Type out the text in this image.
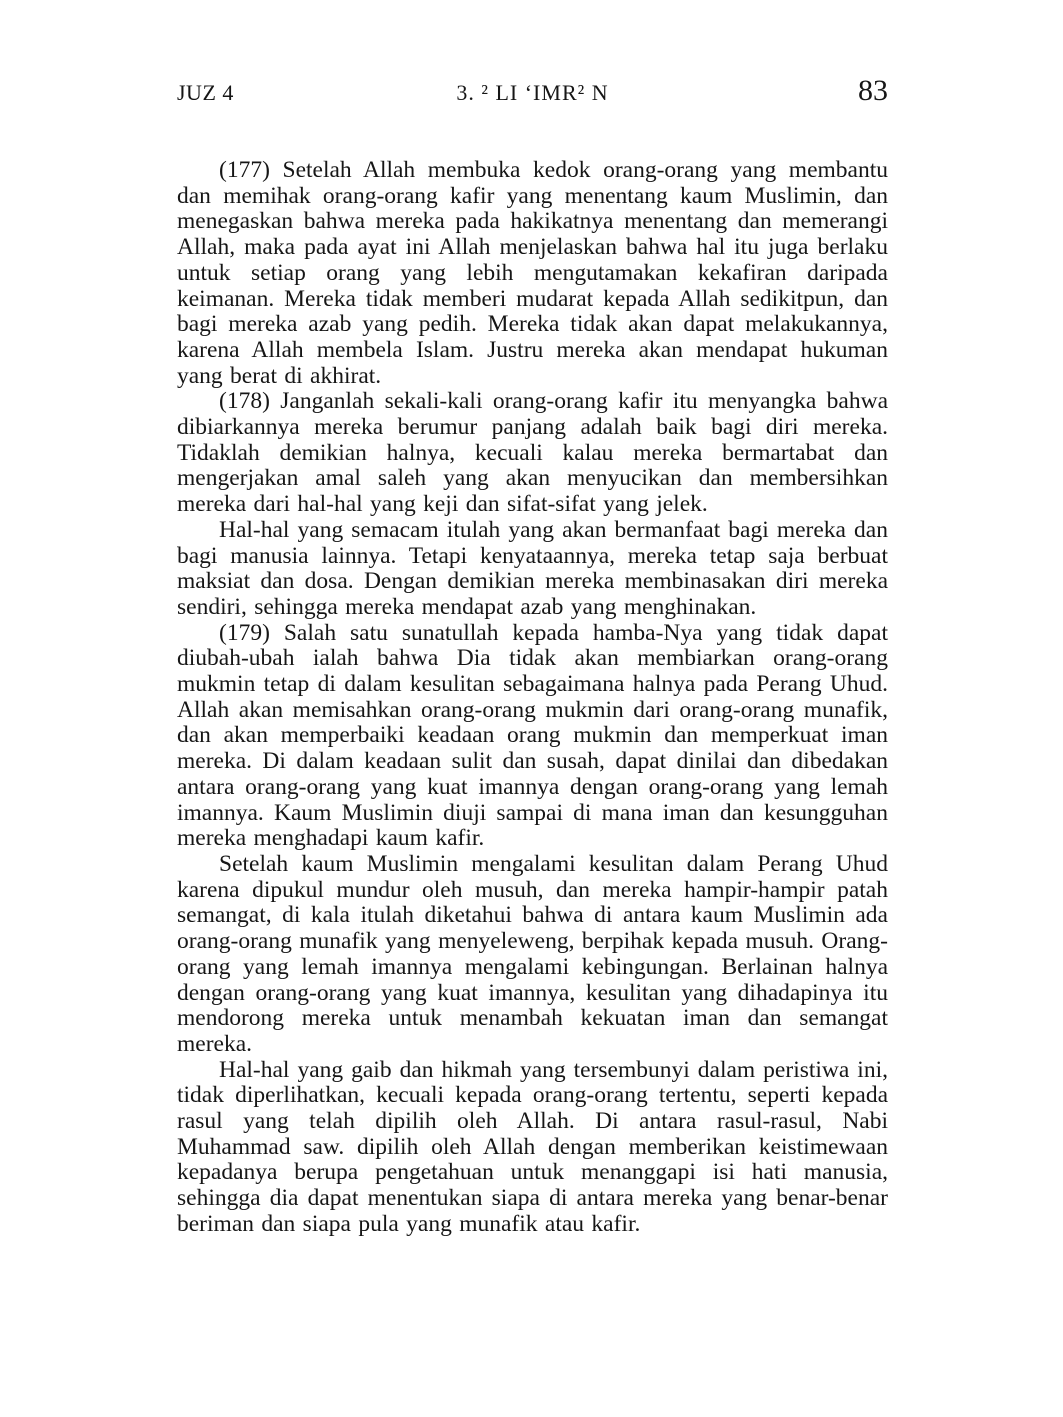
JUZ 4	3. ² LI ‘IMR² N	83

(177) Setelah Allah membuka kedok orang-orang yang membantu dan memihak orang-orang kafir yang menentang kaum Muslimin, dan menegaskan bahwa mereka pada hakikatnya menentang dan memerangi Allah, maka pada ayat ini Allah menjelaskan bahwa hal itu juga berlaku untuk setiap orang yang lebih mengutamakan kekafiran daripada keimanan. Mereka tidak memberi mudarat kepada Allah sedikitpun, dan bagi mereka azab yang pedih. Mereka tidak akan dapat melakukannya, karena Allah membela Islam. Justru mereka akan mendapat hukuman yang berat di akhirat.

(178) Janganlah sekali-kali orang-orang kafir itu menyangka bahwa dibiarkannya mereka berumur panjang adalah baik bagi diri mereka. Tidaklah demikian halnya, kecuali kalau mereka bermartabat dan mengerjakan amal saleh yang akan menyucikan dan membersihkan mereka dari hal-hal yang keji dan sifat-sifat yang jelek.

Hal-hal yang semacam itulah yang akan bermanfaat bagi mereka dan bagi manusia lainnya. Tetapi kenyataannya, mereka tetap saja berbuat maksiat dan dosa. Dengan demikian mereka membinasakan diri mereka sendiri, sehingga mereka mendapat azab yang menghinakan.

(179) Salah satu sunatullah kepada hamba-Nya yang tidak dapat diubah-ubah ialah bahwa Dia tidak akan membiarkan orang-orang mukmin tetap di dalam kesulitan sebagaimana halnya pada Perang Uhud. Allah akan memisahkan orang-orang mukmin dari orang-orang munafik, dan akan memperbaiki keadaan orang mukmin dan memperkuat iman mereka. Di dalam keadaan sulit dan susah, dapat dinilai dan dibedakan antara orang-orang yang kuat imannya dengan orang-orang yang lemah imannya. Kaum Muslimin diuji sampai di mana iman dan kesungguhan mereka menghadapi kaum kafir.

Setelah kaum Muslimin mengalami kesulitan dalam Perang Uhud karena dipukul mundur oleh musuh, dan mereka hampir-hampir patah semangat, di kala itulah diketahui bahwa di antara kaum Muslimin ada orang-orang munafik yang menyeleweng, berpihak kepada musuh. Orang-orang yang lemah imannya mengalami kebingungan. Berlainan halnya dengan orang-orang yang kuat imannya, kesulitan yang dihadapinya itu mendorong mereka untuk menambah kekuatan iman dan semangat mereka.

Hal-hal yang gaib dan hikmah yang tersembunyi dalam peristiwa ini, tidak diperlihatkan, kecuali kepada orang-orang tertentu, seperti kepada rasul yang telah dipilih oleh Allah. Di antara rasul-rasul, Nabi Muhammad saw. dipilih oleh Allah dengan memberikan keistimewaan kepadanya berupa pengetahuan untuk menanggapi isi hati manusia, sehingga dia dapat menentukan siapa di antara mereka yang benar-benar beriman dan siapa pula yang munafik atau kafir.
